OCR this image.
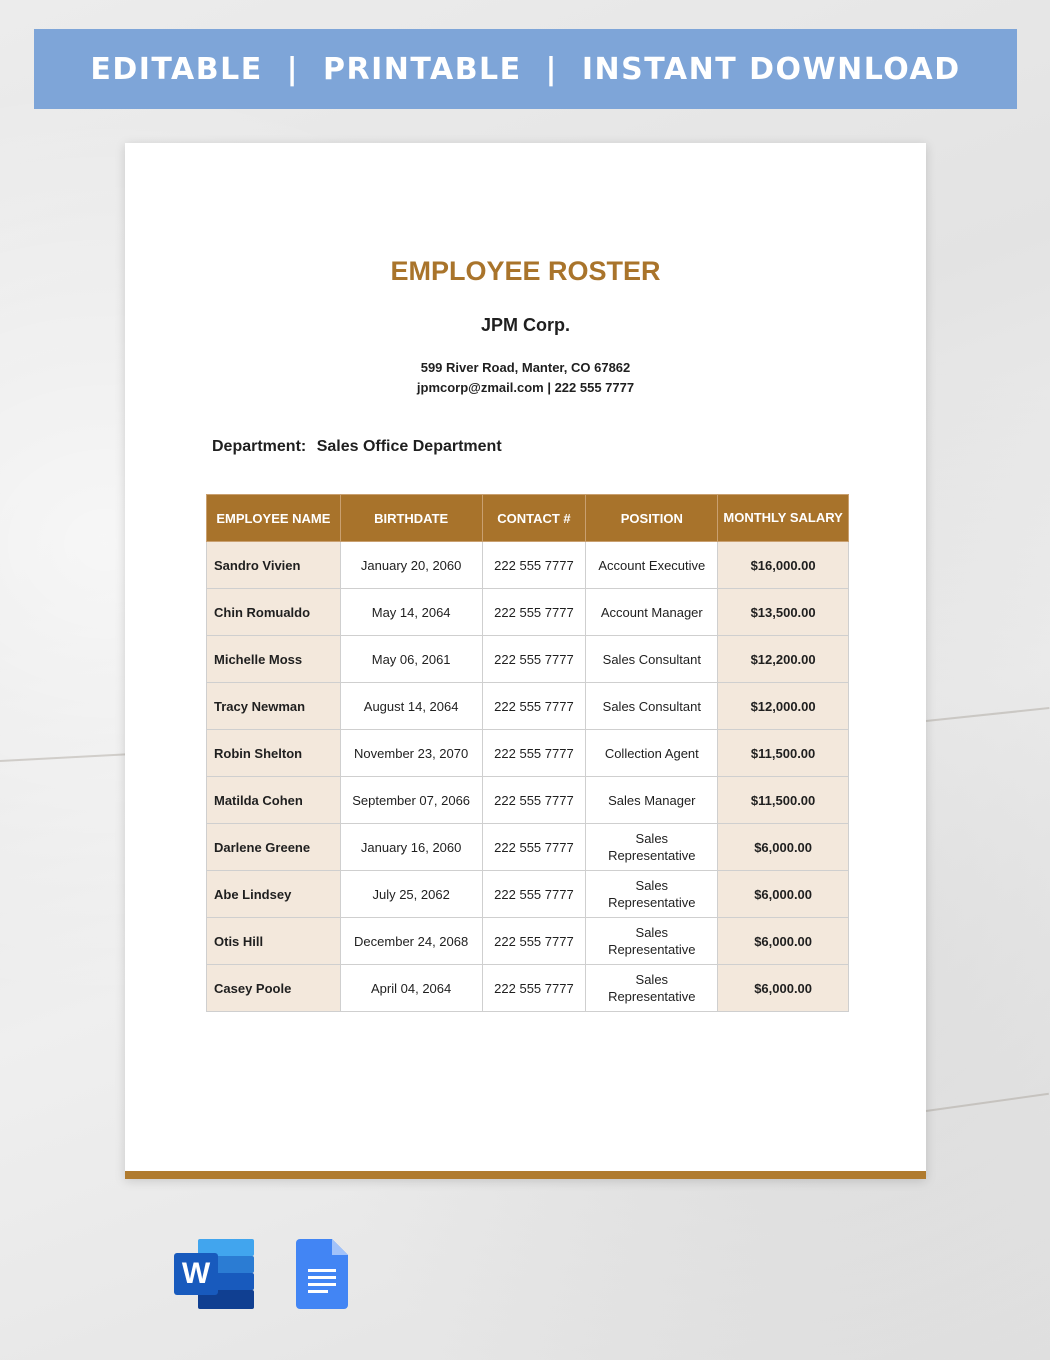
EDITABLE  |  PRINTABLE  |  INSTANT DOWNLOAD
EMPLOYEE ROSTER
JPM Corp.
599 River Road, Manter, CO 67862
jpmcorp@zmail.com | 222 555 7777
Department: Sales Office Department
EMPLOYEE NAME	BIRTHDATE	CONTACT #	POSITION	MONTHLY SALARY
Sandro Vivien	January 20, 2060	222 555 7777	Account Executive	$16,000.00
Chin Romualdo	May 14, 2064	222 555 7777	Account Manager	$13,500.00
Michelle Moss	May 06, 2061	222 555 7777	Sales Consultant	$12,200.00
Tracy Newman	August 14, 2064	222 555 7777	Sales Consultant	$12,000.00
Robin Shelton	November 23, 2070	222 555 7777	Collection Agent	$11,500.00
Matilda Cohen	September 07, 2066	222 555 7777	Sales Manager	$11,500.00
Darlene Greene	January 16, 2060	222 555 7777	Sales Representative	$6,000.00
Abe Lindsey	July 25, 2062	222 555 7777	Sales Representative	$6,000.00
Otis Hill	December 24, 2068	222 555 7777	Sales Representative	$6,000.00
Casey Poole	April 04, 2064	222 555 7777	Sales Representative	$6,000.00
W
